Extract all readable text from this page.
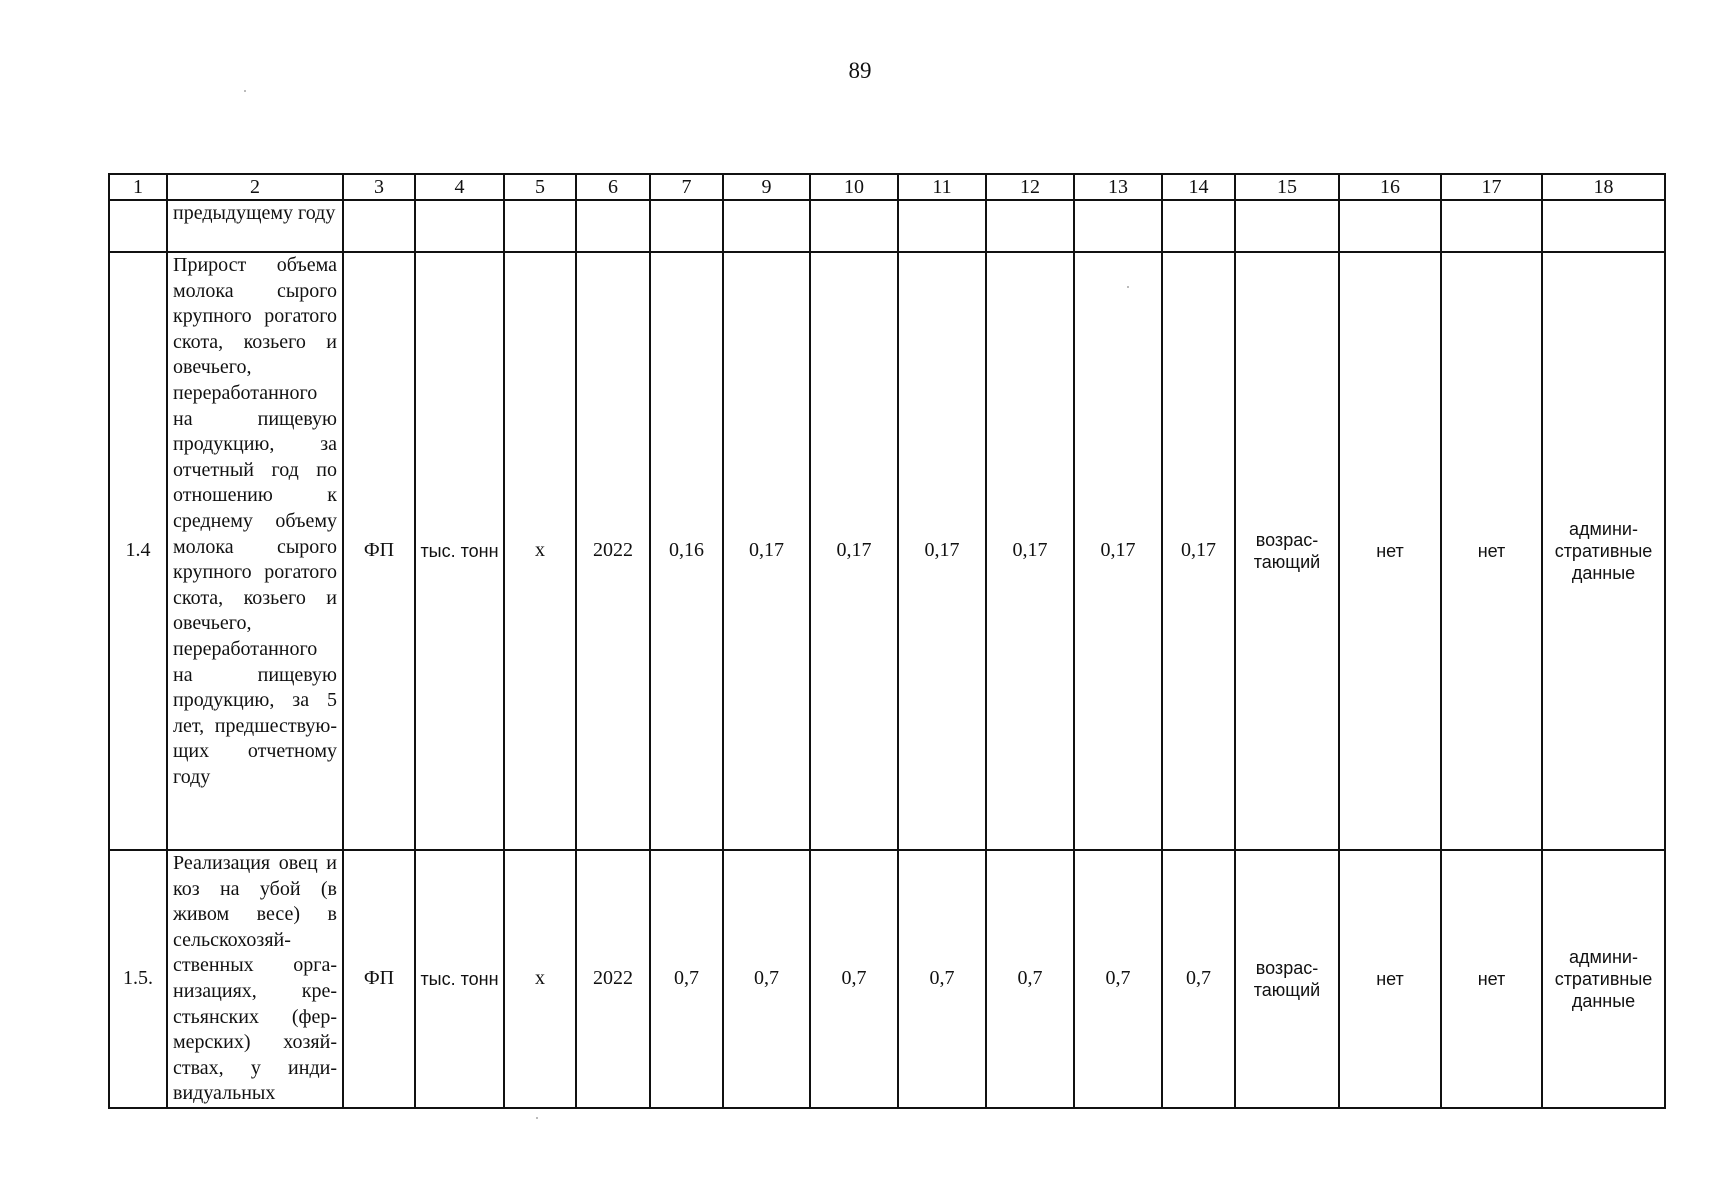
89
1	2	3	4	5	6	7	9	10	11	12	13	14	15	16	17	18
	предыдущему году															
1.4	Прирост объема молока сырого крупного рогатого скота, козьего и овечьего, переработанного на пищевую продукцию, за отчетный год по отношению к среднему объему молока сырого крупного рогатого скота, козьего и овечьего, переработанного на пищевую продукцию, за 5 лет, предшествующих отчетному году	ФП	тыс. тонн	х	2022	0,16	0,17	0,17	0,17	0,17	0,17	0,17	возрастающий	нет	нет	административные данные
1.5.	Реализация овец и коз на убой (в живом весе) в сельскохозяйственных организациях, крестьянских (фермерских) хозяйствах, у индивидуальных	ФП	тыс. тонн	х	2022	0,7	0,7	0,7	0,7	0,7	0,7	0,7	возрастающий	нет	нет	административные данные
